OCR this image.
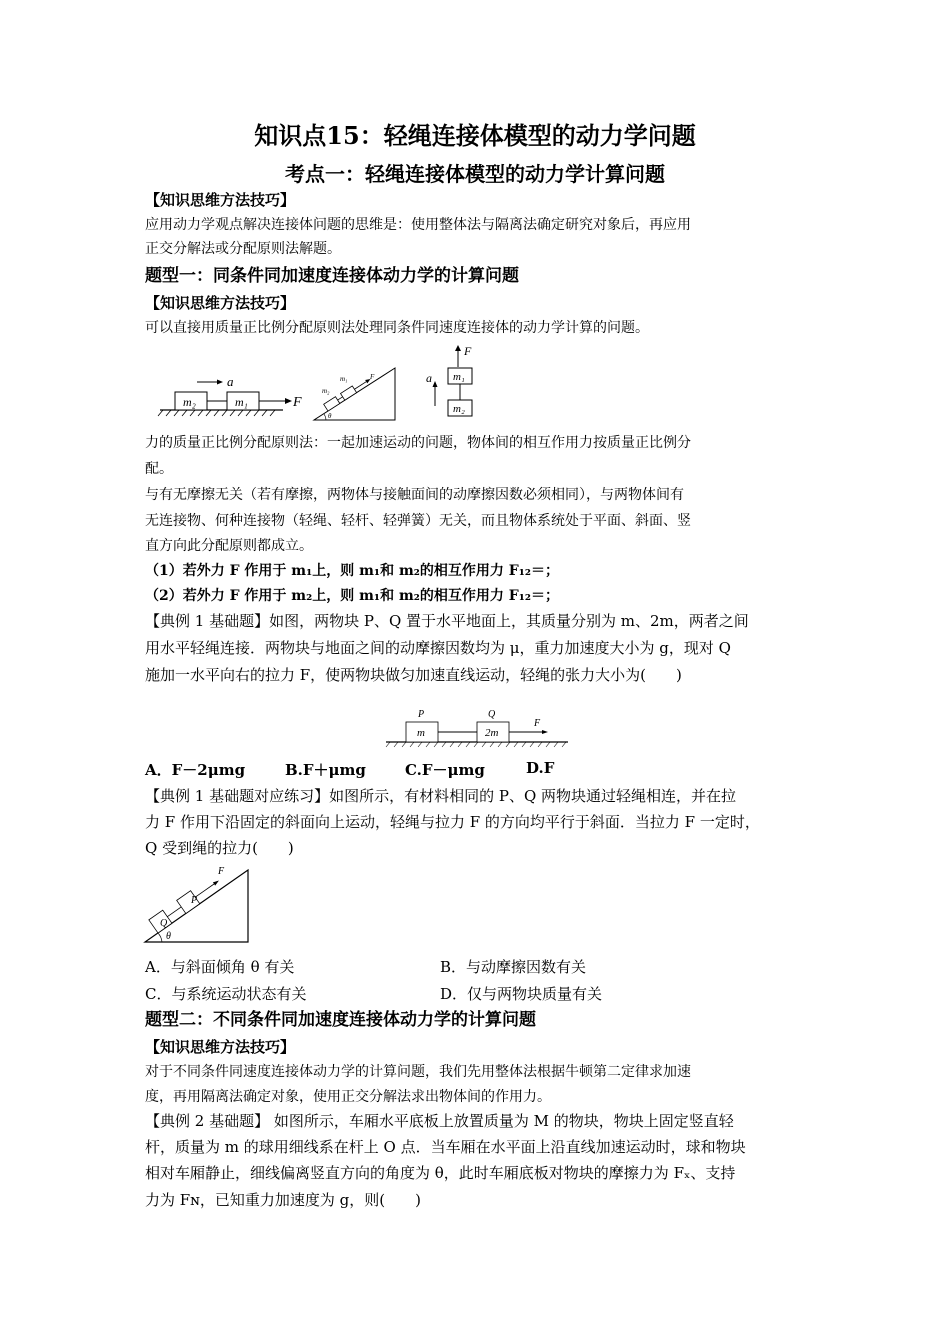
知识点15：轻绳连接体模型的动力学问题
考点一：轻绳连接体模型的动力学计算问题
【知识思维方法技巧】
应用动力学观点解决连接体问题的思维是：使用整体法与隔离法确定研究对象后，再应用
正交分解法或分配原则法解题。
题型一：同条件同加速度连接体动力学的计算问题
【知识思维方法技巧】
可以直接用质量正比例分配原则法处理同条件同速度连接体的动力学计算的问题。
a
m₂	m₁	F
θ
m₂
m₁	F
F
m₁
m₂
a
力的质量正比例分配原则法：一起加速运动的问题，物体间的相互作用力按质量正比例分
配。
与有无摩擦无关（若有摩擦，两物体与接触面间的动摩擦因数必须相同），与两物体间有
无连接物、何种连接物（轻绳、轻杆、轻弹簧）无关，而且物体系统处于平面、斜面、竖
直方向此分配原则都成立。
（1）若外力 F 作用于 m₁上，则 m₁和 m₂的相互作用力 F₁₂＝；
（2）若外力 F 作用于 m₂上，则 m₁和 m₂的相互作用力 F₁₂＝；
【典例 1 基础题】如图，两物块 P、Q 置于水平地面上，其质量分别为 m、2m，两者之间
用水平轻绳连接．两物块与地面之间的动摩擦因数均为 μ，重力加速度大小为 g，现对 Q
施加一水平向右的拉力 F，使两物块做匀加速直线运动，轻绳的张力大小为(　　)
P	Q
m	2m
F
A．F－2μmg	B.F＋μmg	C.F－μmg	D.F
【典例 1 基础题对应练习】如图所示，有材料相同的 P、Q 两物块通过轻绳相连，并在拉
力 F 作用下沿固定的斜面向上运动，轻绳与拉力 F 的方向均平行于斜面．当拉力 F 一定时，
Q 受到绳的拉力(　　)
θ
Q
P
F
A．与斜面倾角 θ 有关	B．与动摩擦因数有关
C．与系统运动状态有关	D．仅与两物块质量有关
题型二：不同条件同加速度连接体动力学的计算问题
【知识思维方法技巧】
对于不同条件同速度连接体动力学的计算问题，我们先用整体法根据牛顿第二定律求加速
度，再用隔离法确定对象，使用正交分解法求出物体间的作用力。
【典例 2 基础题】 如图所示，车厢水平底板上放置质量为 M 的物块，物块上固定竖直轻
杆，质量为 m 的球用细线系在杆上 O 点．当车厢在水平面上沿直线加速运动时，球和物块
相对车厢静止，细线偏离竖直方向的角度为 θ，此时车厢底板对物块的摩擦力为 Fₓ、支持
力为 Fɴ，已知重力加速度为 g，则(　　)
